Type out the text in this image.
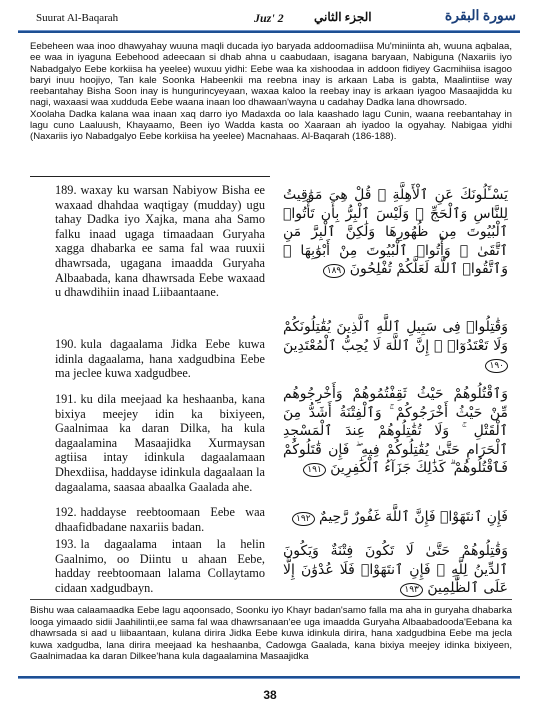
Suurat Al-Baqarah	Juz' 2	الجزء الثاني	سورة البقرة

Eebeheen waa inoo dhawyahay wuuna maqli ducada iyo baryada addoomadiisa Mu'miniinta ah, wuuna aqbalaa, ee waa in iyaguna Eebehood adeecaan si dhab ahna u caabudaan, isagana baryaan, Nabiguna (Naxariis iyo Nabadgalyo Eebe korkiisa ha yeelee) wuxuu yidhi: Eebe waa ka xishoodaa in addoon fidiyey Gacmihiisa isagoo baryi inuu hoojiyo, Tan kale Soonka Habeenkii ma reebna inay is arkaan Laba is gabta, Maalintiise way reebantahay Bisha Soon inay is hungurincyeyaan, waxaa kaloo la reebay inay is arkaan iyagoo Masaajidda ku nagi, waxaasi waa xudduda Eebe waana inaan loo dhawaan'wayna u cadahay Dadka lana dhowrsado.

Xoolaha Dadka kalana waa inaan xaq darro iyo Madaxda oo lala kaashado lagu Cunin, waana reebantahay in lagu cuno Laaluush, Khayaamo, Been iyo Wadda kasta oo Xaaraan ah iyadoo la ogyahay. Nabigaa yidhi (Naxariis iyo Nabadgalyo Eebe korkiisa ha yeelee) Macnahaas. Al-Baqarah (186-188).

189. waxay ku warsan Nabiyow Bisha ee waxaad dhahdaa waqtigay (mudday) ugu tahay Dadka iyo Xajka, mana aha Samo falku inaad ugaga timaadaan Guryaha xagga dhabarka ee sama fal waa ruuxii dhawrsada, ugagana imaadda Guryaha Albaabada, kana dhawrsada Eebe waxaad u dhawdihiin inaad Liibaantaane.
190. kula dagaalama Jidka Eebe kuwa idinla dagaalama, hana xadgudbina Eebe ma jeclee kuwa xadgudbee.
191. ku dila meejaad ka heshaanba, kana bixiya meejey idin ka bixiyeen, Gaalnimaa ka daran Dilka, ha kula dagaalamina Masaajidka Xurmaysan agtiisa intay idinkula dagaalamaan Dhexdiisa, haddayse idinkula dagaalaan la dagaalama, saasaa abaalka Gaalada ahe.
192. haddayse reebtoomaan Eebe waa dhaafidbadane naxariis badan.
193. la dagaalama intaan la helin Gaalnimo, oo Diintu u ahaan Eebe, hadday reebtoomaan lalama Collaytamo cidaan xadgudbayn.
يَسْـَٔلُونَكَ عَنِ ٱلْأَهِلَّةِ ۖ قُلْ هِىَ مَوَٰقِيتُ لِلنَّاسِ وَٱلْحَجِّ ۗ وَلَيْسَ ٱلْبِرُّ بِأَن تَأْتُوا۟ ٱلْبُيُوتَ مِن ظُهُورِهَا وَلَٰكِنَّ ٱلْبِرَّ مَنِ ٱتَّقَىٰ ۗ وَأْتُوا۟ ٱلْبُيُوتَ مِنْ أَبْوَٰبِهَا ۚ وَٱتَّقُوا۟ ٱللَّهَ لَعَلَّكُمْ تُفْلِحُونَ ١٨٩
وَقَٰتِلُوا۟ فِى سَبِيلِ ٱللَّهِ ٱلَّذِينَ يُقَٰتِلُونَكُمْ وَلَا تَعْتَدُوٓا۟ ۚ إِنَّ ٱللَّهَ لَا يُحِبُّ ٱلْمُعْتَدِينَ ١٩٠
وَٱقْتُلُوهُمْ حَيْثُ ثَقِفْتُمُوهُمْ وَأَخْرِجُوهُم مِّنْ حَيْثُ أَخْرَجُوكُمْ ۚ وَٱلْفِتْنَةُ أَشَدُّ مِنَ ٱلْقَتْلِ ۚ وَلَا تُقَٰتِلُوهُمْ عِندَ ٱلْمَسْجِدِ ٱلْحَرَامِ حَتَّىٰ يُقَٰتِلُوكُمْ فِيهِ ۖ فَإِن قَٰتَلُوكُمْ فَٱقْتُلُوهُمْ ۗ كَذَٰلِكَ جَزَآءُ ٱلْكَٰفِرِينَ ١٩١
فَإِنِ ٱنتَهَوْا۟ فَإِنَّ ٱللَّهَ غَفُورٌ رَّحِيمٌ ١٩٢
وَقَٰتِلُوهُمْ حَتَّىٰ لَا تَكُونَ فِتْنَةٌ وَيَكُونَ ٱلدِّينُ لِلَّهِ ۖ فَإِنِ ٱنتَهَوْا۟ فَلَا عُدْوَٰنَ إِلَّا عَلَى ٱلظَّٰلِمِينَ ١٩٣
Bishu waa calaamaadka Eebe lagu aqoonsado, Soonku iyo Khayr badan'samo falla ma aha in guryaha dhabarka looga yimaado sidii Jaahilintii,ee sama fal waa dhawrsanaan'ee uga imaadda Guryaha Albaabadooda'Eebana ka dhawrsada si aad u liibaantaan, kulana dirira Jidka Eebe kuwa idinkula dirira, hana xadgudbina Eebe ma jecla kuwa xadgudba, lana dirira meejaad ka heshaanba, Cadowga Gaalada, kana bixiya meejey idinka bixiyeen, Gaalnimadaa ka daran Dilkee'hana kula dagaalamina Masaajidka
38
